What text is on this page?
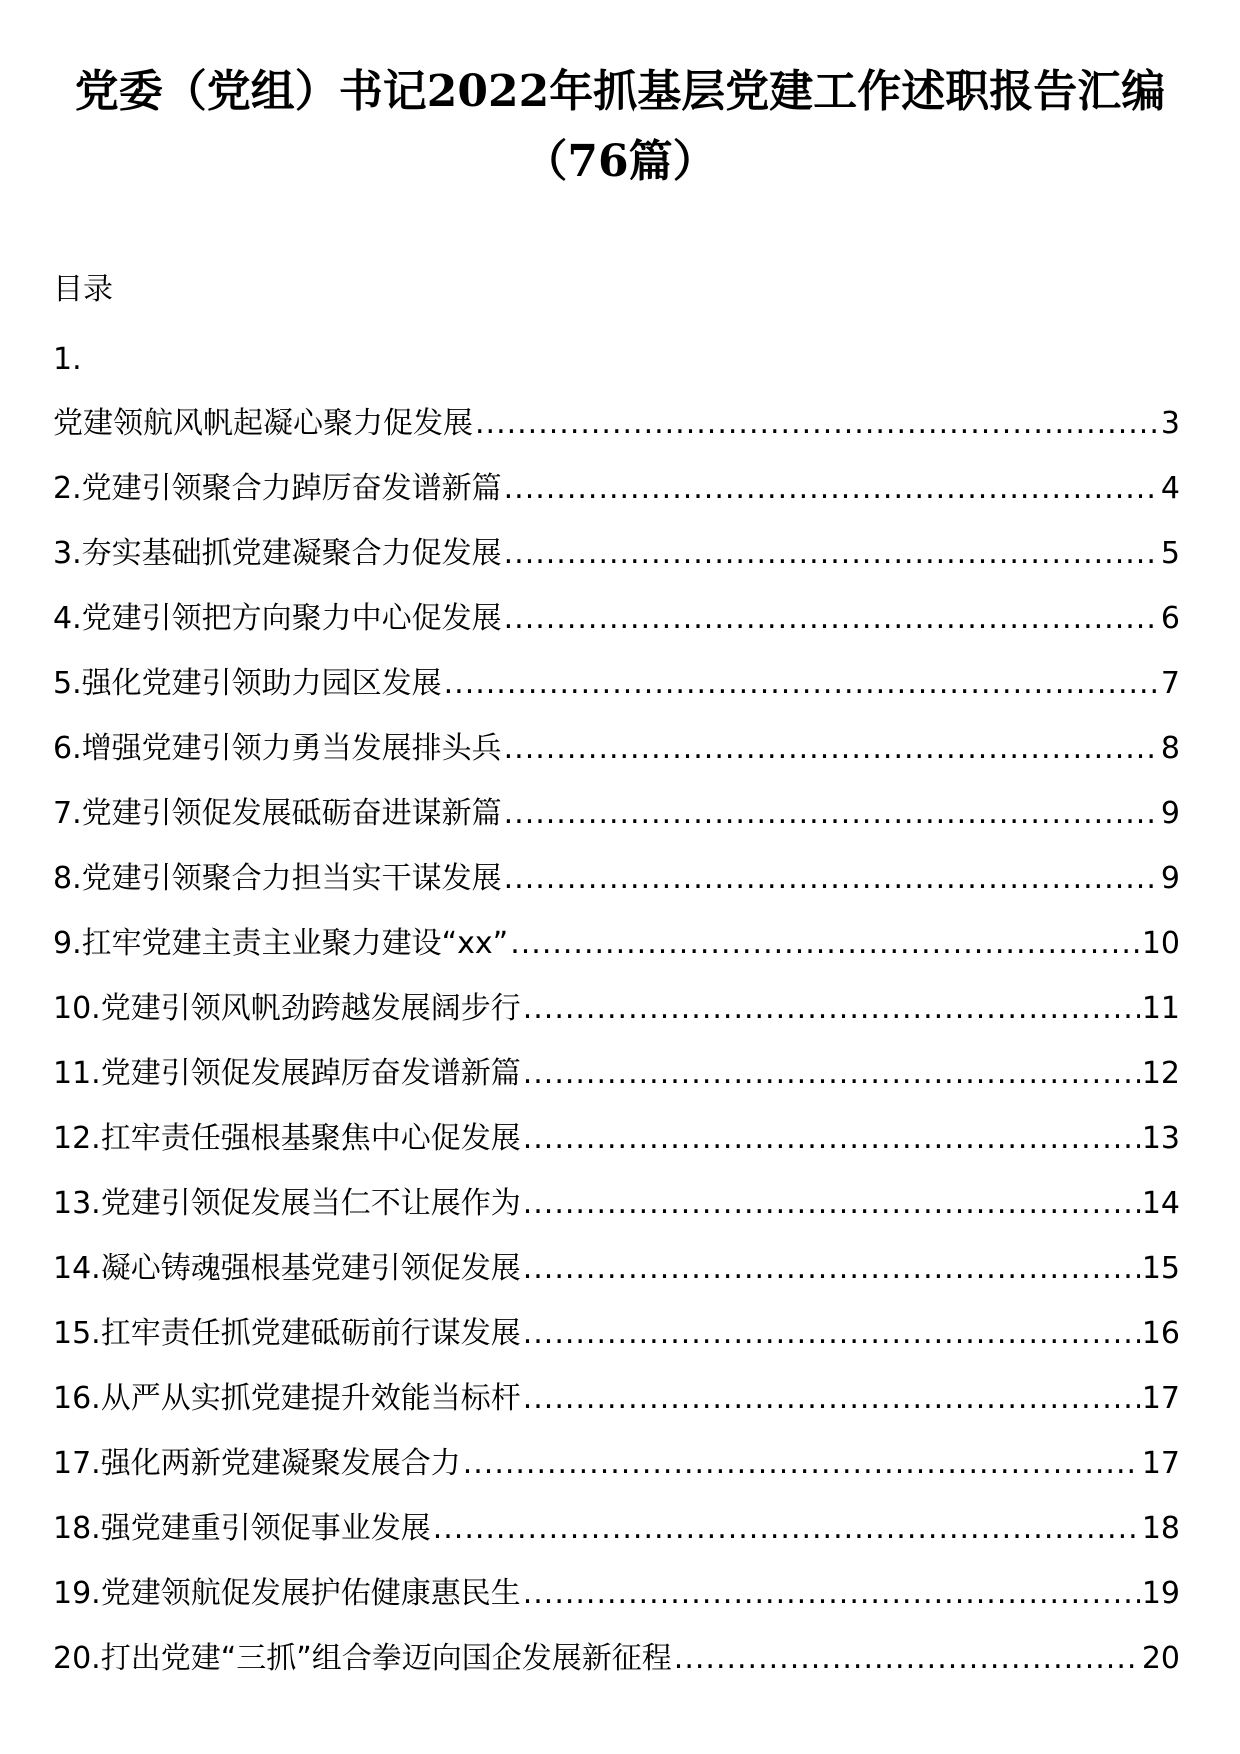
党委（党组）书记2022年抓基层党建工作述职报告汇编
（76篇）
目录
1.
党建领航风帆起凝心聚力促发展 .....	3
2.党建引领聚合力踔厉奋发谱新篇 .....	4
3.夯实基础抓党建凝聚合力促发展 .....	5
4.党建引领把方向聚力中心促发展 .....	6
5.强化党建引领助力园区发展 .....	7
6.增强党建引领力勇当发展排头兵 .....	8
7.党建引领促发展砥砺奋进谋新篇 .....	9
8.党建引领聚合力担当实干谋发展 .....	9
9.扛牢党建主责主业聚力建设“xx” .....	10
10.党建引领风帆劲跨越发展阔步行 .....	11
11.党建引领促发展踔厉奋发谱新篇 .....	12
12.扛牢责任强根基聚焦中心促发展 .....	13
13.党建引领促发展当仁不让展作为 .....	14
14.凝心铸魂强根基党建引领促发展 .....	15
15.扛牢责任抓党建砥砺前行谋发展 .....	16
16.从严从实抓党建提升效能当标杆 .....	17
17.强化两新党建凝聚发展合力 .....	17
18.强党建重引领促事业发展 .....	18
19.党建领航促发展护佑健康惠民生 .....	19
20.打出党建“三抓”组合拳迈向国企发展新征程 .....	20
